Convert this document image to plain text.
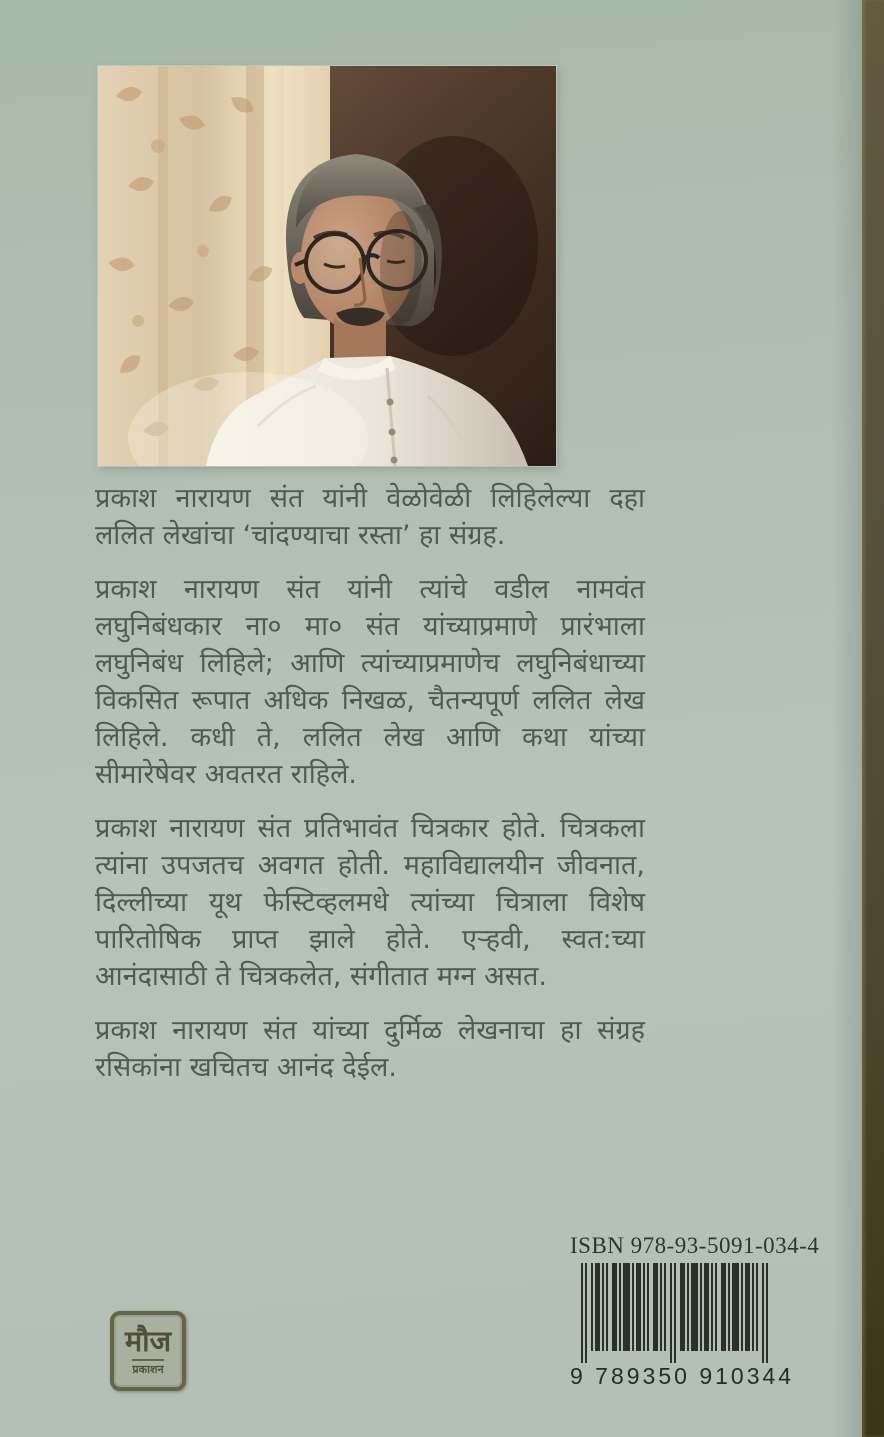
प्रकाश नारायण संत यांनी वेळोवेळी लिहिलेल्या दहा ललित लेखांचा ‘चांदण्याचा रस्ता’ हा संग्रह.

प्रकाश नारायण संत यांनी त्यांचे वडील नामवंत लघुनिबंधकार ना० मा० संत यांच्याप्रमाणे प्रारंभाला लघुनिबंध लिहिले; आणि त्यांच्याप्रमाणेच लघुनिबंधाच्या विकसित रूपात अधिक निखळ, चैतन्यपूर्ण ललित लेख लिहिले. कधी ते, ललित लेख आणि कथा यांच्या सीमारेषेवर अवतरत राहिले.

प्रकाश नारायण संत प्रतिभावंत चित्रकार होते. चित्रकला त्यांना उपजतच अवगत होती. महाविद्यालयीन जीवनात, दिल्लीच्या यूथ फेस्टिव्हलमधे त्यांच्या चित्राला विशेष पारितोषिक प्राप्त झाले होते. एऱ्हवी, स्वत:च्या आनंदासाठी ते चित्रकलेत, संगीतात मग्न असत.

प्रकाश नारायण संत यांच्या दुर्मिळ लेखनाचा हा संग्रह रसिकांना खचितच आनंद देईल.

ISBN 978-93-5091-034-4
9 789350 910344
मौज
प्रकाशन
